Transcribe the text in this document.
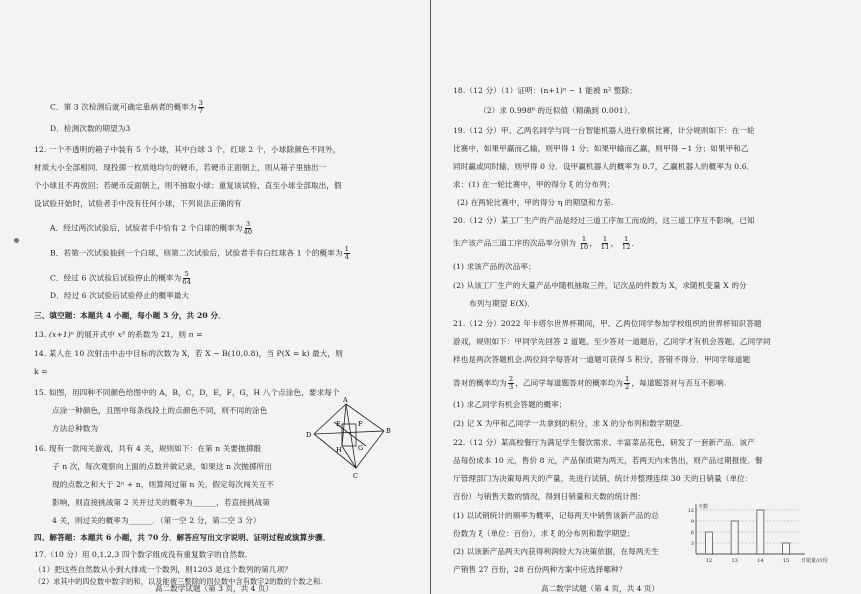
C．第 3 次检测后就可确定患病者的概率为 $\frac{3}{7}$
D．检测次数的期望为3
12. 一个不透明的箱子中装有 5 个小球，其中白球 3 个，红球 2 个，小球除颜色不同外，
材质大小全部相同．现投掷一枚质地均匀的硬币，若硬币正面朝上，则从箱子里抽出一
个小球且不再放回；若硬币反面朝上，则不抽取小球；重复该试验，直至小球全部取出，假
设试验开始时，试验者手中没有任何小球，下列说法正确的有
A．经过两次试验后，试验者手中恰有 2 个白球的概率为 $\frac{3}{40}$
B．若第一次试验抽到一个白球，则第二次试验后，试验者手有白红球各 1 个的概率为 $\frac{1}{4}$
C．经过 6 次试验后试验停止的概率为 $\frac{5}{64}$
D．经过 6 次试验后试验停止的概率最大
三、填空题：本题共 4 小题，每小题 5 分，共 20 分．
13. (x+1)ⁿ 的展开式中 x³ 的系数为 21，则 n =
14. 某人在 10 次射击中击中目标的次数为 X，若 X ~ B(10,0.8)，当 P(X = k) 最大，则
k =
15. 如图，用四种不同颜色给图中的 A，B，C，D，E，F，G，H 八个点涂色，要求每个
点涂一种颜色，且图中每条线段上的点颜色不同，则不同的涂色
方法总种数为
A
B
C
D
E	F
G
H
16. 现有一款闯关游戏，共有 4 关，规则如下：在第 n 关要抛掷骰
子 n 次，每次观察向上面的点数并做记录，如果这 n 次抛掷所出
现的点数之和大于 2ⁿ + n，则算闯过第 n 关，假定每次闯关互不
影响，则直接挑战第 2 关并过关的概率为______，若直接挑战第
4 关，则过关的概率为______．（第一空 2 分，第二空 3 分）
四、解答题：本题共 6 小题，共 70 分．解答应写出文字说明、证明过程或演算步骤．
17.（10 分）用 0,1,2,3 四个数字组成没有重复数字的自然数.
（1）把这些自然数从小到大排成一个数列，则1203 是这个数列的第几项？
（2）求其中的四位数中数字的和，以及能被三整除的四位数中含有数字2的数的个数之和.
高二数学试题（第 3 页，共 4 页）
18.（12 分）（1）证明：(n+1)ⁿ − 1 能被 n² 整除；
（2）求 0.998⁶ 的近似值（精确到 0.001）．
19.（12 分）甲、乙两名同学与同一台智能机器人进行象棋比赛，计分规则如下：在一轮
比赛中，如果甲赢而乙输，则甲得 1 分；如果甲输而乙赢，则甲得 −1 分；如果甲和乙
同时赢或同时输，则甲得 0 分．设甲赢机器人的概率为 0.7，乙赢机器人的概率为 0.6．
求：(1) 在一轮比赛中，甲的得分 ξ 的分布列；
(2) 在两轮比赛中，甲的得分 η 的期望和方差.
20.（12 分）某工厂生产的产品是经过三道工序加工而成的，这三道工序互不影响，已知
生产该产品三道工序的次品率分别为 $\frac{1}{10}$ ， $\frac{1}{11}$ ， $\frac{1}{12}$ ．
(1) 求该产品的次品率；
(2) 从该工厂生产的大量产品中随机抽取三件，记次品的件数为 X，求随机变量 X 的分
布列与期望 E(X)．
21.（12 分）2022 年卡塔尔世界杯期间，甲、乙两位同学参加学校组织的世界杯知识答题
游戏，规则如下：甲同学先回答 2 道题，至少答对一道题后，乙同学才有机会答题，乙同学同
样也是两次答题机会.两位同学每答对一道题可获得 5 积分，答错不得分．甲同学每道题
答对的概率均为 $\frac{2}{3}$ ，乙同学每道题答对的概率均为 $\frac{1}{2}$ ，每道题答对与否互不影响.
(1) 求乙同学有机会答题的概率；
(2) 记 X 为甲和乙同学一共拿到的积分，求 X 的分布列和数学期望.
22.（12 分）某高校餐厅为满足学生餐饮需求、丰富菜品花色，研发了一套新产品．该产
品每份成本 10 元，售价 8 元，产品保质期为两天，若两天内未售出，则产品过期报废．餐
厅管理部门为决策每两天的产量，先进行试销，统计并整理连续 30 天的日销量（单位：
百份）与销售天数的情况，得到日销量和天数的统计图：
(1) 以试销统计的频率为概率，记每两天中销售该新产品的总
份数为 ξ（单位：百份），求 ξ 的分布列和数学期望；
(2) 以该新产品两天内获得利润较大为决策依据，在每两天生
产销售 27 百份，28 百份两种方案中应选择哪种？
3
6
9
12
天数
日销量/百份
12	13	14	15
高二数学试题（第 4 页，共 4 页）
